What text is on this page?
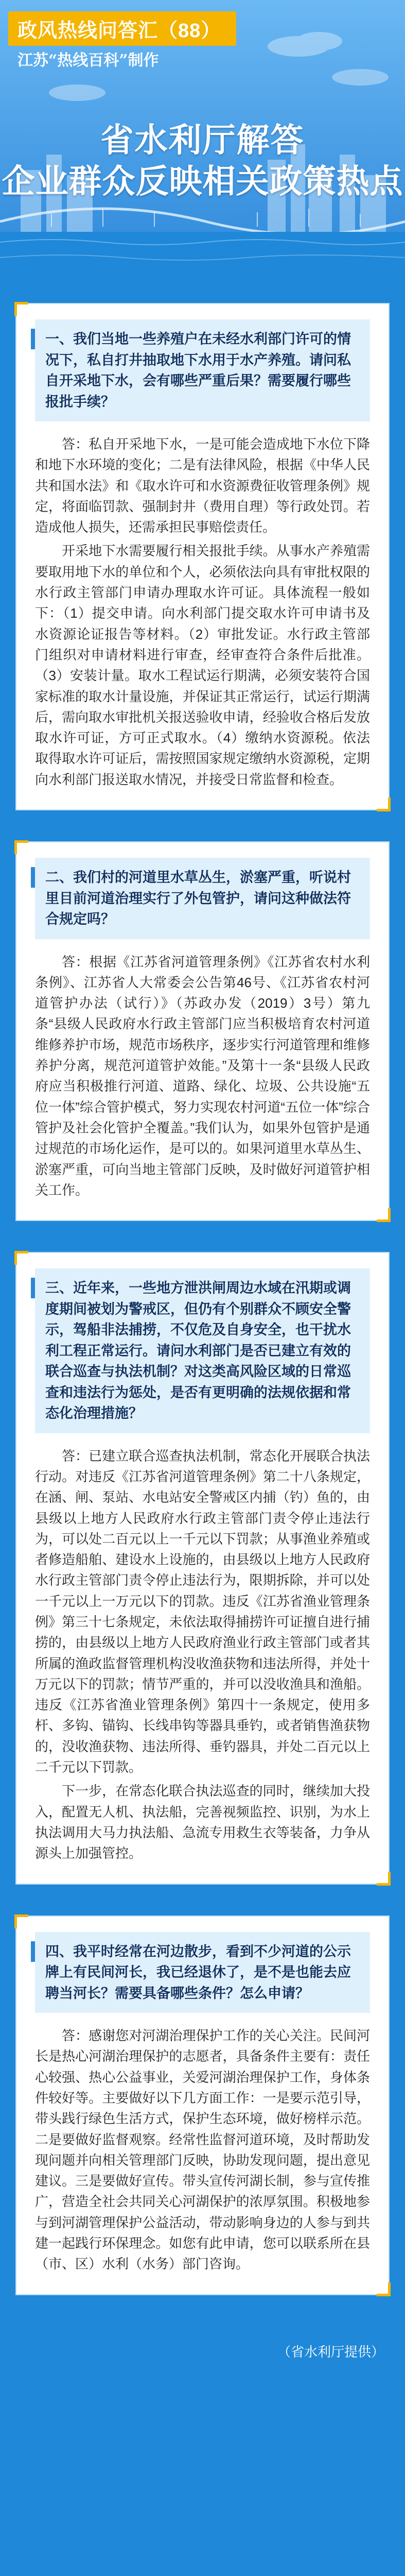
政风热线问答汇（88）
江苏“热线百科”制作
省水利厅解答
企业群众反映相关政策热点
一、我们当地一些养殖户在未经水利部门许可的情况下，私自打井抽取地下水用于水产养殖。请问私自开采地下水，会有哪些严重后果？需要履行哪些报批手续？

答：私自开采地下水，一是可能会造成地下水位下降和地下水环境的变化；二是有法律风险，根据《中华人民共和国水法》和《取水许可和水资源费征收管理条例》规定，将面临罚款、强制封井（费用自理）等行政处罚。若造成他人损失，还需承担民事赔偿责任。

开采地下水需要履行相关报批手续。从事水产养殖需要取用地下水的单位和个人，必须依法向具有审批权限的水行政主管部门申请办理取水许可证。具体流程一般如下：（1）提交申请。向水利部门提交取水许可申请书及水资源论证报告等材料。（2）审批发证。水行政主管部门组织对申请材料进行审查，经审查符合条件后批准。（3）安装计量。取水工程试运行期满，必须安装符合国家标准的取水计量设施，并保证其正常运行，试运行期满后，需向取水审批机关报送验收申请，经验收合格后发放取水许可证，方可正式取水。（4）缴纳水资源税。依法取得取水许可证后，需按照国家规定缴纳水资源税，定期向水利部门报送取水情况，并接受日常监督和检查。

二、我们村的河道里水草丛生，淤塞严重，听说村里目前河道治理实行了外包管护，请问这种做法符合规定吗？

答：根据《江苏省河道管理条例》《江苏省农村水利条例》、江苏省人大常委会公告第46号、《江苏省农村河道管护办法（试行）》（苏政办发（2019）3号）第九条“县级人民政府水行政主管部门应当积极培育农村河道维修养护市场，规范市场秩序，逐步实行河道管理和维修养护分离，规范河道管护效能。”及第十一条“县级人民政府应当积极推行河道、道路、绿化、垃圾、公共设施“五位一体”综合管护模式，努力实现农村河道“五位一体”综合管护及社会化管护全覆盖。”我们认为，如果外包管护是通过规范的市场化运作，是可以的。如果河道里水草丛生、淤塞严重，可向当地主管部门反映，及时做好河道管护相关工作。

三、近年来，一些地方泄洪闸周边水域在汛期或调度期间被划为警戒区，但仍有个别群众不顾安全警示，驾船非法捕捞，不仅危及自身安全，也干扰水利工程正常运行。请问水利部门是否已建立有效的联合巡查与执法机制？对这类高风险区域的日常巡查和违法行为惩处，是否有更明确的法规依据和常态化治理措施？

答：已建立联合巡查执法机制，常态化开展联合执法行动。对违反《江苏省河道管理条例》第二十八条规定，在涵、闸、泵站、水电站安全警戒区内捕（钓）鱼的，由县级以上地方人民政府水行政主管部门责令停止违法行为，可以处二百元以上一千元以下罚款；从事渔业养殖或者修造船舶、建设水上设施的，由县级以上地方人民政府水行政主管部门责令停止违法行为，限期拆除，并可以处一千元以上一万元以下的罚款。违反《江苏省渔业管理条例》第三十七条规定，未依法取得捕捞许可证擅自进行捕捞的，由县级以上地方人民政府渔业行政主管部门或者其所属的渔政监督管理机构没收渔获物和违法所得，并处十万元以下的罚款；情节严重的，并可以没收渔具和渔船。违反《江苏省渔业管理条例》第四十一条规定，使用多杆、多钩、锚钩、长线串钩等器具垂钓，或者销售渔获物的，没收渔获物、违法所得、垂钓器具，并处二百元以上二千元以下罚款。

下一步，在常态化联合执法巡查的同时，继续加大投入，配置无人机、执法船，完善视频监控、识别，为水上执法调用大马力执法船、急流专用救生衣等装备，力争从源头上加强管控。

四、我平时经常在河边散步，看到不少河道的公示牌上有民间河长，我已经退休了，是不是也能去应聘当河长？需要具备哪些条件？怎么申请？

答：感谢您对河湖治理保护工作的关心关注。民间河长是热心河湖治理保护的志愿者，具备条件主要有：责任心较强、热心公益事业，关爱河湖治理保护工作，身体条件较好等。主要做好以下几方面工作：一是要示范引导，带头践行绿色生活方式，保护生态环境，做好榜样示范。二是要做好监督观察。经常性监督河道环境，及时帮助发现问题并向相关管理部门反映，协助发现问题，提出意见建议。三是要做好宣传。带头宣传河湖长制，参与宣传推广，营造全社会共同关心河湖保护的浓厚氛围。积极地参与到河湖管理保护公益活动，带动影响身边的人参与到共建一起践行环保理念。如您有此申请，您可以联系所在县（市、区）水利（水务）部门咨询。

（省水利厅提供）
